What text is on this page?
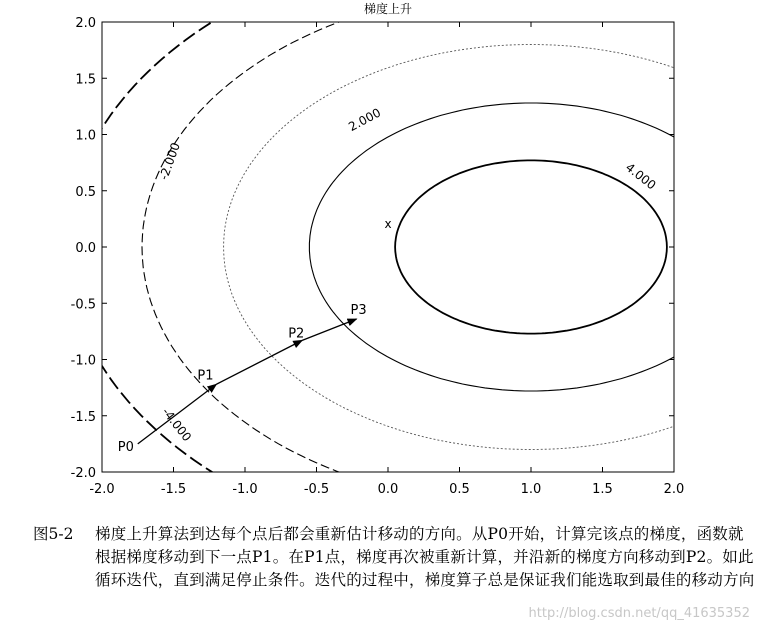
梯度上升
2.000
4.000
-4.000
-2.000
P0
P1
P2
P3
-2.0	-1.5	-1.0	-0.5	0.0	0.5	1.0	1.5	2.0
-2.0
-1.5
-1.0
-0.5
0.0
0.5
1.0
1.5
2.0
x
图5-2 梯度上升算法到达每个点后都会重新估计移动的方向。从P0开始，计算完该点的梯度，函数就根据梯度移动到下一点P1。在P1点，梯度再次被重新计算，并沿新的梯度方向移动到P2。如此循环迭代，直到满足停止条件。迭代的过程中，梯度算子总是保证我们能选取到最佳的移动方向
http://blog.csdn.net/qq_41635352
